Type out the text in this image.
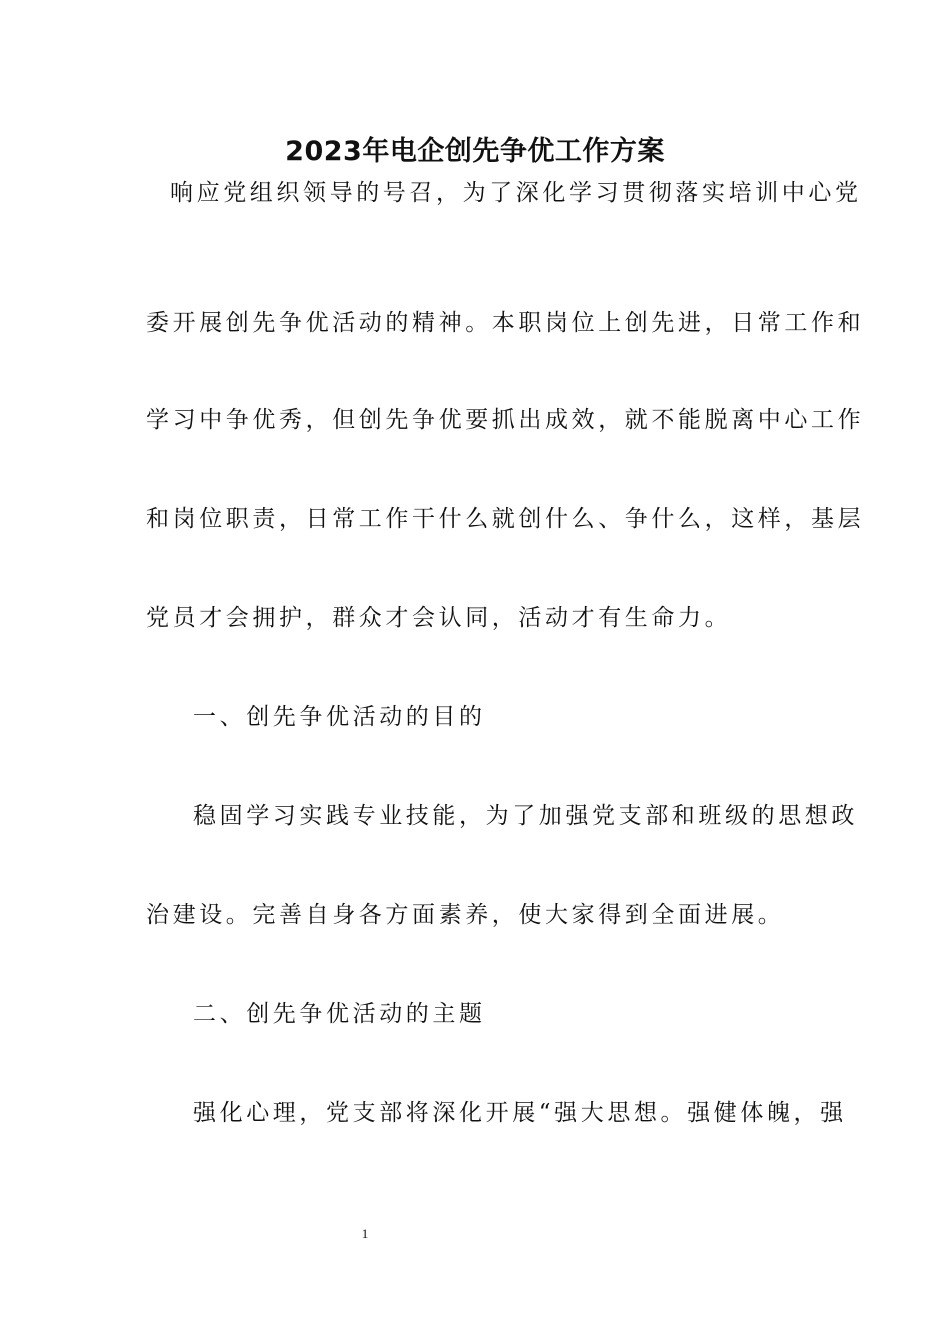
2023年电企创先争优工作方案
响应党组织领导的号召，为了深化学习贯彻落实培训中心党
委开展创先争优活动的精神。本职岗位上创先进，日常工作和
学习中争优秀，但创先争优要抓出成效，就不能脱离中心工作
和岗位职责，日常工作干什么就创什么、争什么，这样，基层
党员才会拥护，群众才会认同，活动才有生命力。
一、创先争优活动的目的
稳固学习实践专业技能，为了加强党支部和班级的思想政
治建设。完善自身各方面素养，使大家得到全面进展。
二、创先争优活动的主题
强化心理，党支部将深化开展“强大思想。强健体魄，强
1
